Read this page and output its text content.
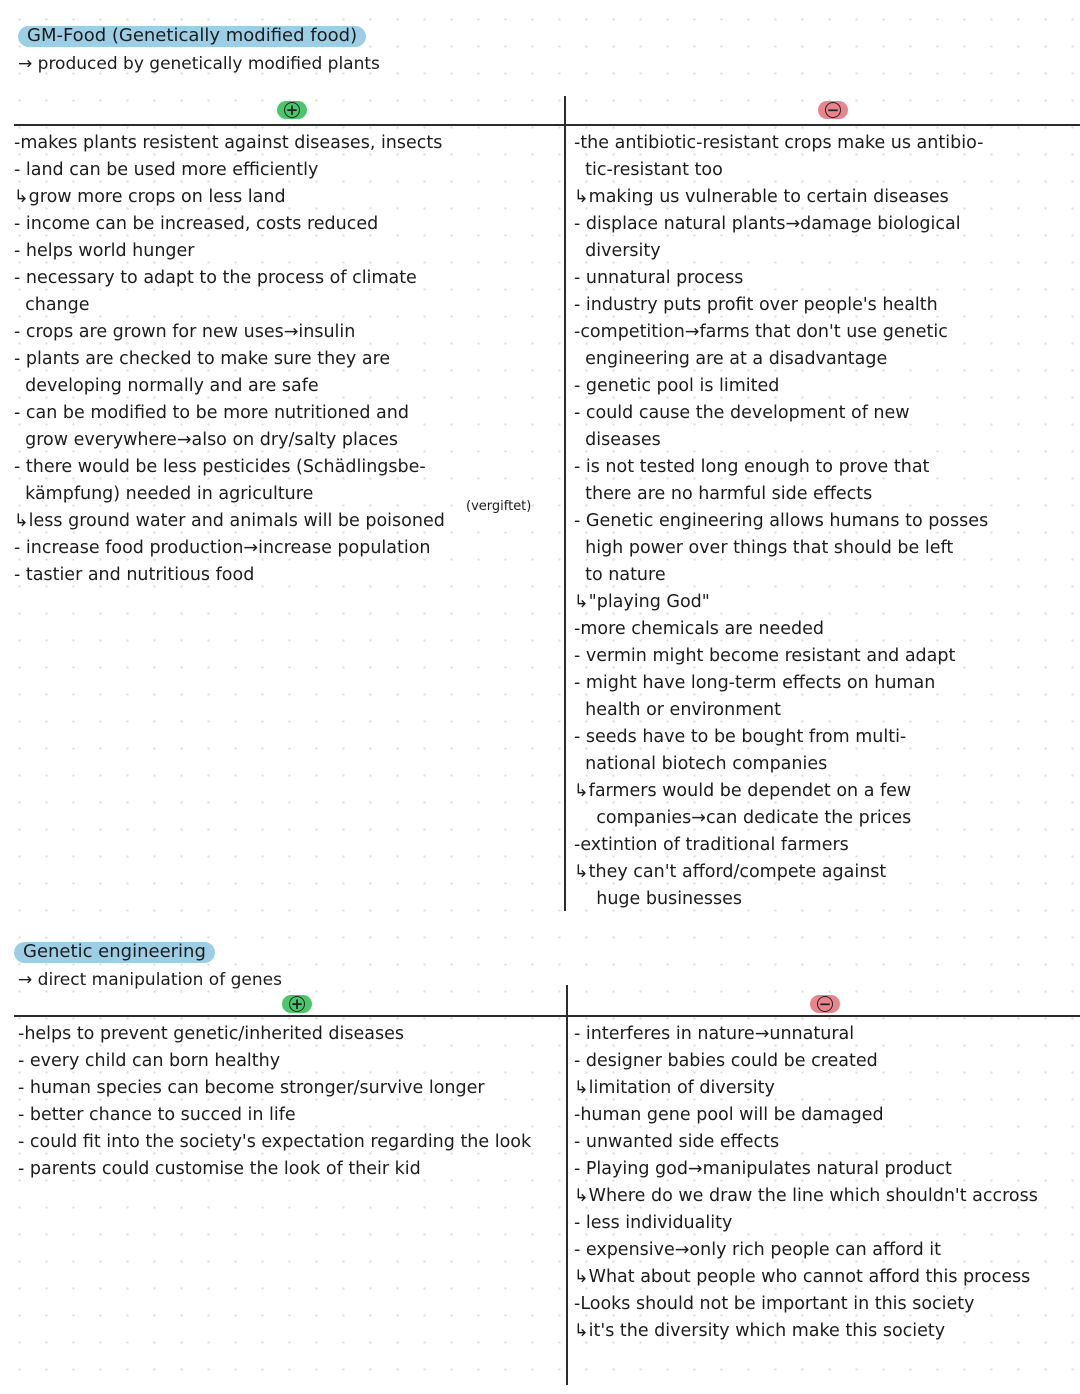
GM-Food (Genetically modified food)
→ produced by genetically modified plants
+	−
-makes plants resistent against diseases, insects
- land can be used more efficiently
↳grow more crops on less land
- income can be increased, costs reduced
- helps world hunger
- necessary to adapt to the process of climate
change
- crops are grown for new uses→insulin
- plants are checked to make sure they are
developing normally and are safe
- can be modified to be more nutritioned and
grow everywhere→also on dry/salty places
- there would be less pesticides (Schädlingsbe-
kämpfung) needed in agriculture
↳less ground water and animals will be poisoned
- increase food production→increase population
- tastier and nutritious food
(vergiftet)
-the antibiotic-resistant crops make us antibio-
tic-resistant too
↳making us vulnerable to certain diseases
- displace natural plants→damage biological
diversity
- unnatural process
- industry puts profit over people's health
-competition→farms that don't use genetic
engineering are at a disadvantage
- genetic pool is limited
- could cause the development of new
diseases
- is not tested long enough to prove that
there are no harmful side effects
- Genetic engineering allows humans to posses
high power over things that should be left
to nature
↳"playing God"
-more chemicals are needed
- vermin might become resistant and adapt
- might have long-term effects on human
health or environment
- seeds have to be bought from multi-
national biotech companies
↳farmers would be dependet on a few
companies→can dedicate the prices
-extintion of traditional farmers
↳they can't afford/compete against
huge businesses
Genetic engineering
→ direct manipulation of genes
+	−
-helps to prevent genetic/inherited diseases
- every child can born healthy
- human species can become stronger/survive longer
- better chance to succed in life
- could fit into the society's expectation regarding the look
- parents could customise the look of their kid
- interferes in nature→unnatural
- designer babies could be created
↳limitation of diversity
-human gene pool will be damaged
- unwanted side effects
- Playing god→manipulates natural product
↳Where do we draw the line which shouldn't accross
- less individuality
- expensive→only rich people can afford it
↳What about people who cannot afford this process
-Looks should not be important in this society
↳it's the diversity which make this society
